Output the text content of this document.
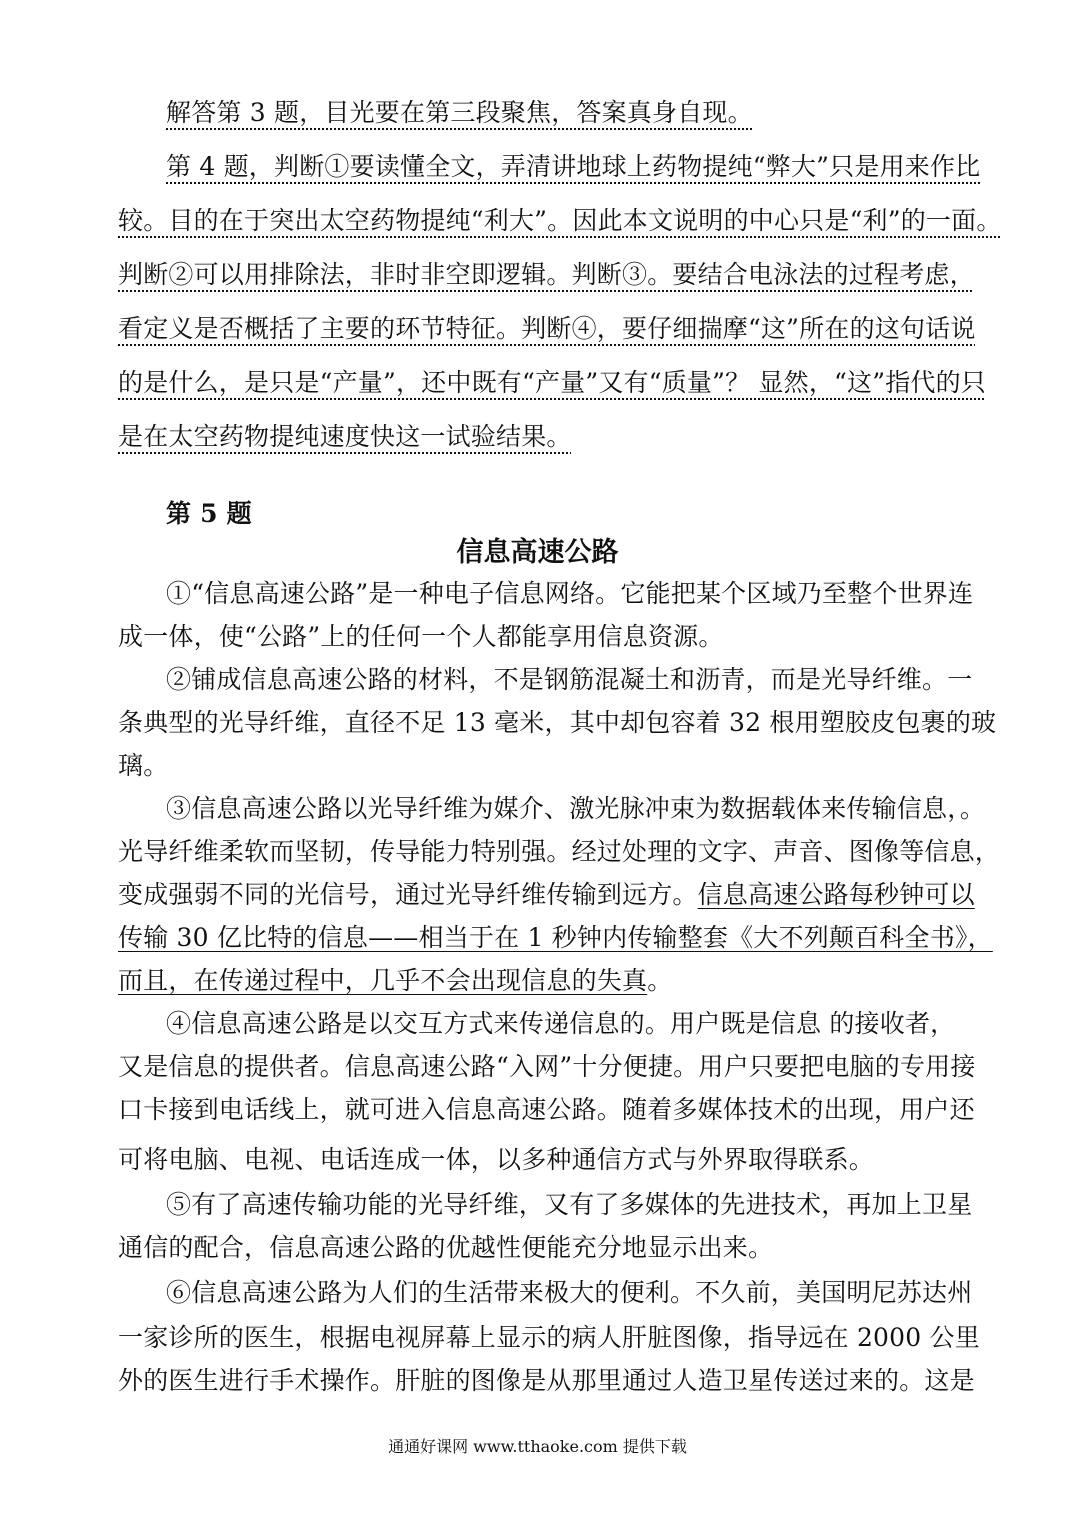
解答第 3 题，目光要在第三段聚焦，答案真身自现。
第 4 题，判断①要读懂全文，弄清讲地球上药物提纯“弊大”只是用来作比
较。目的在于突出太空药物提纯“利大”。因此本文说明的中心只是“利”的一面。
判断②可以用排除法，非时非空即逻辑。判断③。要结合电泳法的过程考虑，
看定义是否概括了主要的环节特征。判断④，要仔细揣摩“这”所在的这句话说
的是什么，是只是“产量”，还中既有“产量”又有“质量”？ 显然，“这”指代的只
是在太空药物提纯速度快这一试验结果。
第 5 题
信息高速公路
①“信息高速公路”是一种电子信息网络。它能把某个区域乃至整个世界连
成一体，使“公路”上的任何一个人都能享用信息资源。
②铺成信息高速公路的材料，不是钢筋混凝土和沥青，而是光导纤维。一
条典型的光导纤维，直径不足 13 毫米，其中却包容着 32 根用塑胶皮包裹的玻
璃。
③信息高速公路以光导纤维为媒介、激光脉冲束为数据载体来传输信息，。
光导纤维柔软而坚韧，传导能力特别强。经过处理的文字、声音、图像等信息，
变成强弱不同的光信号，通过光导纤维传输到远方。信息高速公路每秒钟可以
传输 30 亿比特的信息——相当于在 1 秒钟内传输整套《大不列颠百科全书》，
而且，在传递过程中，几乎不会出现信息的失真。
④信息高速公路是以交互方式来传递信息的。用户既是信息 的接收者，
又是信息的提供者。信息高速公路“入网”十分便捷。用户只要把电脑的专用接
口卡接到电话线上，就可进入信息高速公路。随着多媒体技术的出现，用户还
可将电脑、电视、电话连成一体，以多种通信方式与外界取得联系。
⑤有了高速传输功能的光导纤维，又有了多媒体的先进技术，再加上卫星
通信的配合，信息高速公路的优越性便能充分地显示出来。
⑥信息高速公路为人们的生活带来极大的便利。不久前，美国明尼苏达州
一家诊所的医生，根据电视屏幕上显示的病人肝脏图像，指导远在 2000 公里
外的医生进行手术操作。肝脏的图像是从那里通过人造卫星传送过来的。这是
通通好课网 www.tthaoke.com 提供下载
